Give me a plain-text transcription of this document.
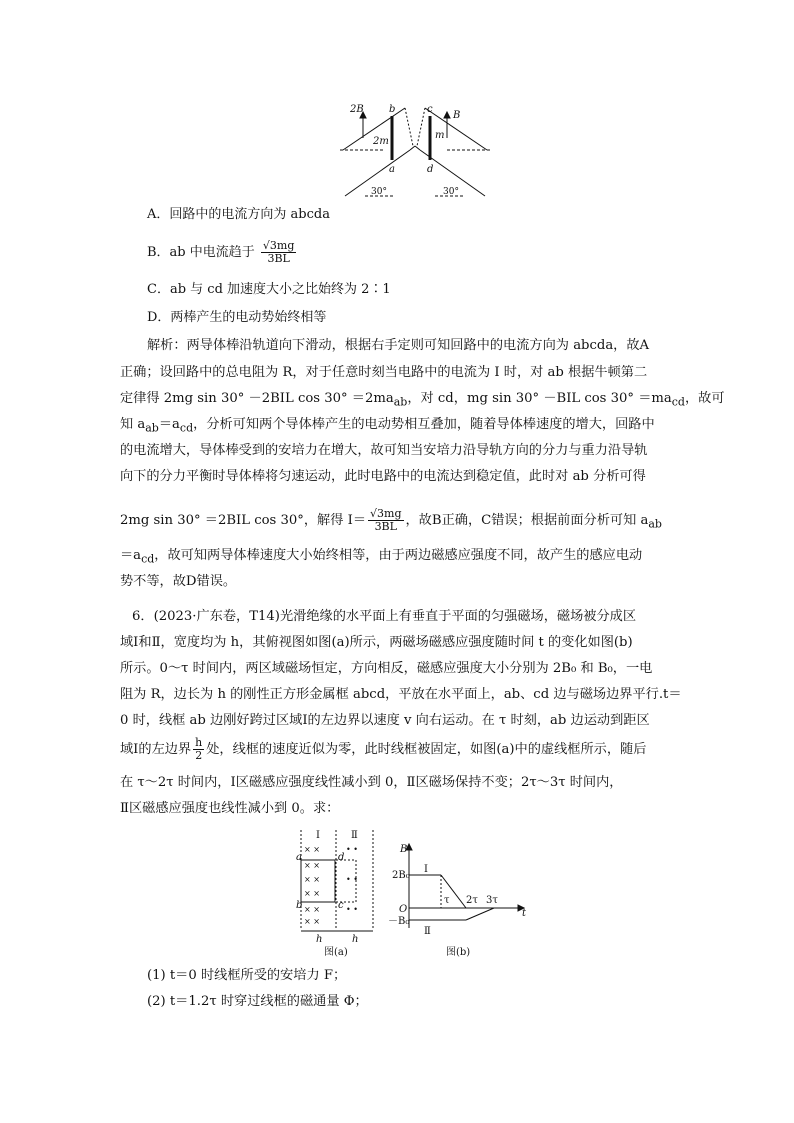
2B
B
b	c
a	d
2m
m
30°	30°
A．回路中的电流方向为 abcda
B．ab 中电流趋于 $\frac{√3mg}{3BL}$
C．ab 与 cd 加速度大小之比始终为 2∶1
D．两棒产生的电动势始终相等
解析：两导体棒沿轨道向下滑动，根据右手定则可知回路中的电流方向为 abcda，故A
正确；设回路中的总电阻为 R，对于任意时刻当电路中的电流为 I 时，对 ab 根据牛顿第二
定律得 2mg sin 30° －2BIL $\cos 30^\circ =2ma_{ab}$，对 cd，mg sin 30° －BIL $\cos 30^\circ =ma_{cd}$，故可
知 $a_{ab}=a_{cd}$，分析可知两个导体棒产生的电动势相互叠加，随着导体棒速度的增大，回路中
的电流增大，导体棒受到的安培力在增大，故可知当安培力沿导轨方向的分力与重力沿导轨
向下的分力平衡时导体棒将匀速运动，此时电路中的电流达到稳定值，此时对 ab 分析可得
2mg sin 30° ＝2BIL cos 30°，解得 $I= \frac{√3mg}{3BL}$ ，故B正确，C错误；根据前面分析可知 $a_{ab}$
$=a_{cd}$，故可知两导体棒速度大小始终相等，由于两边磁感应强度不同，故产生的感应电动
势不等，故D错误。
6．(2023·广东卷，T14)光滑绝缘的水平面上有垂直于平面的匀强磁场，磁场被分成区
域Ⅰ和Ⅱ，宽度均为 h，其俯视图如图(a)所示，两磁场磁感应强度随时间 t 的变化如图(b)
所示。0～τ 时间内，两区域磁场恒定，方向相反，磁感应强度大小分别为 2B₀ 和 B₀，一电
阻为 R，边长为 h 的刚性正方形金属框 abcd，平放在水平面上，ab、cd 边与磁场边界平行.t＝
0 时，线框 ab 边刚好跨过区域Ⅰ的左边界以速度 v 向右运动。在 τ 时刻，ab 边运动到距区
域Ⅰ的左边界 $\frac{h}{2}$ 处，线框的速度近似为零，此时线框被固定，如图(a)中的虚线框所示，随后
在 τ～2τ 时间内，Ⅰ区磁感应强度线性减小到 0，Ⅱ区磁场保持不变；2τ～3τ 时间内，
Ⅱ区磁感应强度也线性减小到 0。求：
× ×
× ×
× ×
× ×
× ×
× ×
• •
• •
• •
Ⅰ	Ⅱ
a
b	c
d
h	h
图(a)
B
2B₀
O
－B₀
Ⅰ
Ⅱ
τ 2τ 3τ
t
图(b)
(1) t＝0 时线框所受的安培力 F；
(2) t＝1.2τ 时穿过线框的磁通量 Φ；
